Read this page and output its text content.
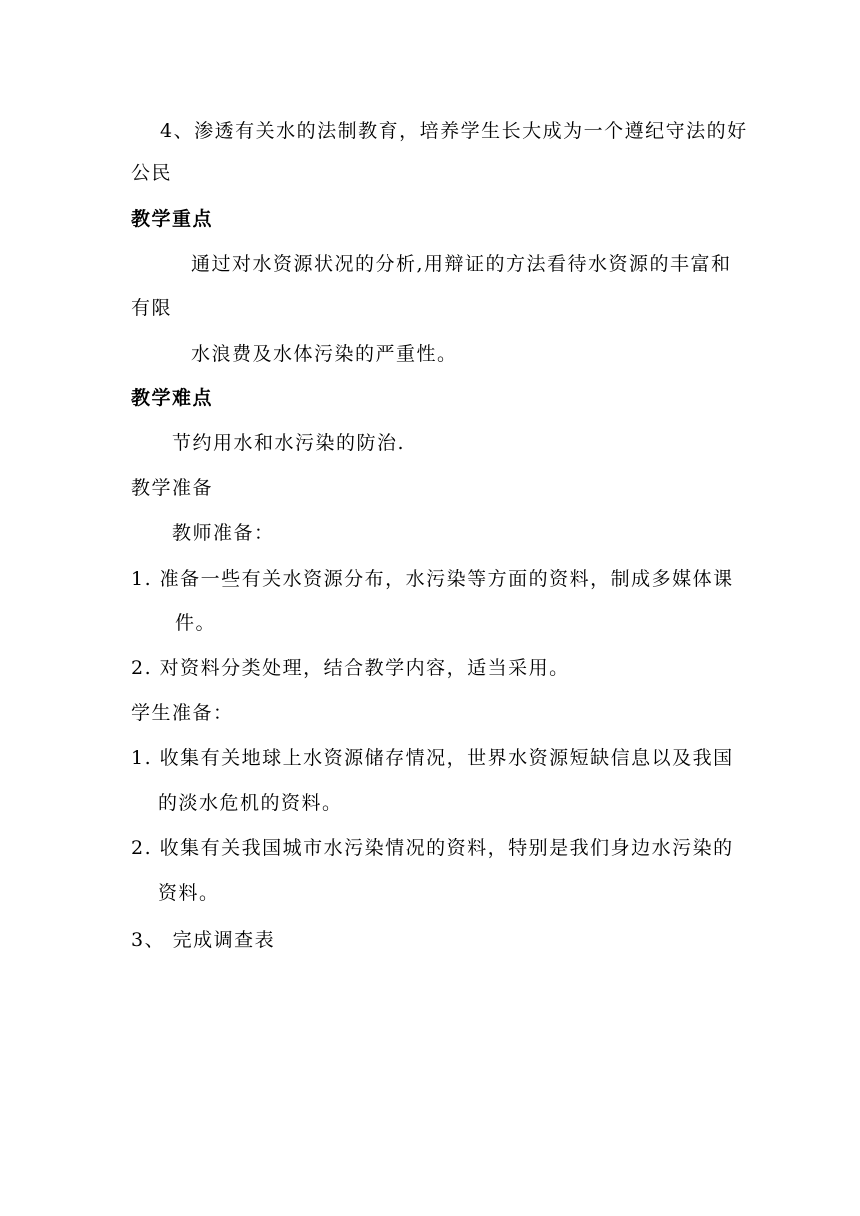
4、渗透有关水的法制教育，培养学生长大成为一个遵纪守法的好
公民
教学重点
通过对水资源状况的分析,用辩证的方法看待水资源的丰富和
有限
水浪费及水体污染的严重性。
教学难点
节约用水和水污染的防治.
教学准备
教师准备：
1. 准备一些有关水资源分布，水污染等方面的资料，制成多媒体课
件。
2. 对资料分类处理，结合教学内容，适当采用。
学生准备：
1. 收集有关地球上水资源储存情况，世界水资源短缺信息以及我国
的淡水危机的资料。
2. 收集有关我国城市水污染情况的资料，特别是我们身边水污染的
资料。
3、 完成调查表
